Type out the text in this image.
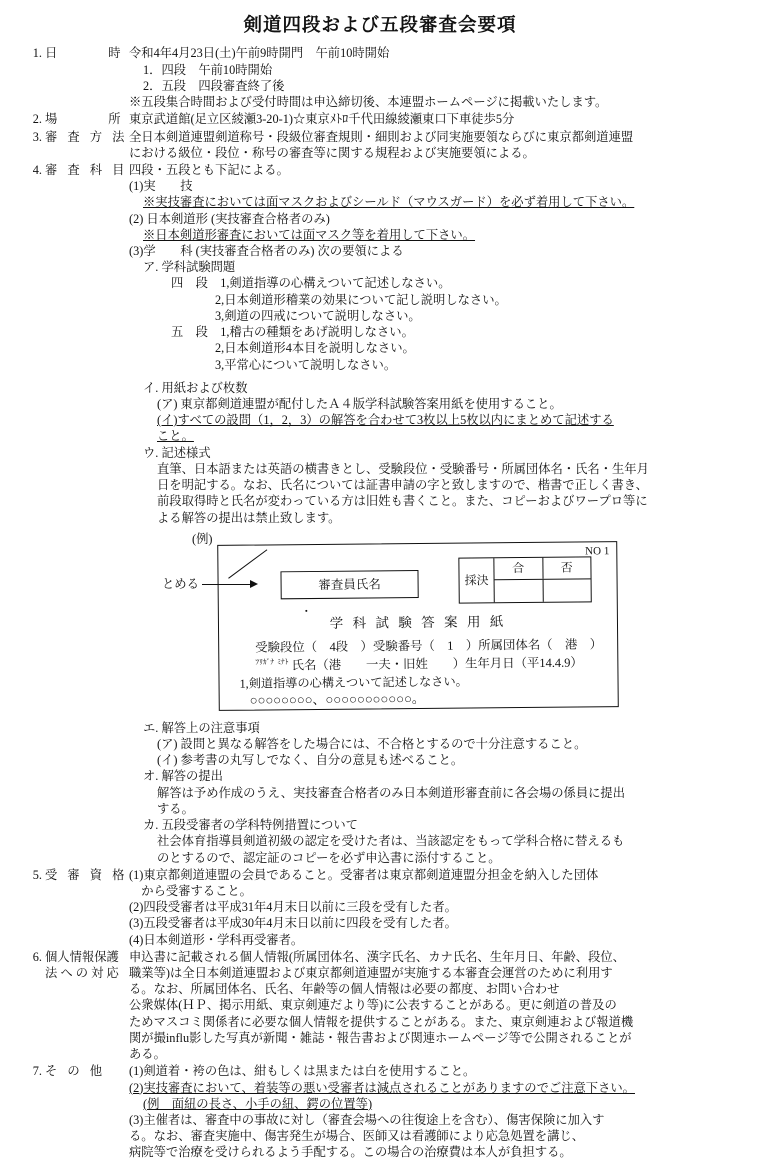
剣道四段および五段審査会要項
1. 日　　　時 令和4年4月23日(土)午前9時開門　午前10時開始
1．四段　午前10時開始
2．五段　四段審査終了後
※五段集合時間および受付時間は申込締切後、本連盟ホームページに掲載いたします。
2. 場　　　所 東京武道館(足立区綾瀬3-20-1)☆東京ﾒﾄﾛ千代田線綾瀬東口下車徒歩5分
3. 審 査 方 法 全日本剣道連盟剣道称号・段級位審査規則・細則および同実施要領ならびに東京都剣道連盟
における級位・段位・称号の審査等に関する規程および実施要領による。
4. 審 査 科 目 四段・五段とも下記による。
(1)実　　技
※実技審査においては面マスクおよびシールド（マウスガード）を必ず着用して下さい。
(2) 日本剣道形 (実技審査合格者のみ)
※日本剣道形審査においては面マスク等を着用して下さい。
(3)学　　科 (実技審査合格者のみ) 次の要領による
ア. 学科試験問題
四　段　1,剣道指導の心構えついて記述しなさい。
2,日本剣道形稽業の効果について記し説明しなさい。
3,剣道の四戒について説明しなさい。
五　段　1,稽古の種類をあげ説明しなさい。
2,日本剣道形4本目を説明しなさい。
3,平常心について説明しなさい。
イ. 用紙および枚数
(ア) 東京都剣道連盟が配付したＡ４版学科試験答案用紙を使用すること。
(イ)すべての設問（1，2，3）の解答を合わせて3枚以上5枚以内にまとめて記述する
こと。
ウ. 記述様式
直筆、日本語または英語の横書きとし、受験段位・受験番号・所属団体名・氏名・生年月
日を明記する。なお、氏名については証書申請の字と致しますので、楷書で正しく書き、
前段取得時と氏名が変わっている方は旧姓も書くこと。また、コピーおよびワープロ等に
よる解答の提出は禁止致します。
(例)
とめる
NO 1
審査員氏名
・
採決
合	否
学 科 試 験 答 案 用 紙
受験段位（　4段　）受験番号（　1　）所属団体名（　港　）
$^{ﾌﾘｶﾞﾅ}$ $^{ﾐﾅﾄ}$ 氏名（港　　一夫・旧姓　　）生年月日（平14.4.9）
1,剣道指導の心構えついて記述しなさい。
○○○○○○○○、○○○○○○○○○○○。
エ. 解答上の注意事項
(ア) 設問と異なる解答をした場合には、不合格とするので十分注意すること。
(イ) 参考書の丸写しでなく、自分の意見も述べること。
オ. 解答の提出
解答は予め作成のうえ、実技審査合格者のみ日本剣道形審査前に各会場の係員に提出
する。
カ. 五段受審者の学科特例措置について
社会体育指導員剣道初級の認定を受けた者は、当該認定をもって学科合格に替えるも
のとするので、認定証のコピーを必ず申込書に添付すること。
5. 受 審 資 格 (1)東京都剣道連盟の会員であること。受審者は東京都剣道連盟分担金を納入した団体
　から受審すること。
(2)四段受審者は平成31年4月末日以前に三段を受有した者。
(3)五段受審者は平成30年4月末日以前に四段を受有した者。
(4)日本剣道形・学科再受審者。
6. 個人情報保護
法 へ の 対 応
申込書に記載される個人情報(所属団体名、漢字氏名、カナ氏名、生年月日、年齢、段位、
職業等)は全日本剣道連盟および東京都剣道連盟が実施する本審査会運営のために利用す
る。なお、所属団体名、氏名、年齢等の個人情報は必要の都度、お問い合わせ
公衆媒体(ＨＰ、掲示用紙、東京剣連だより等)に公表することがある。更に剣道の普及の
ためマスコミ関係者に必要な個人情報を提供することがある。また、東京剣連および報道機
関が撮influ影した写真が新聞・雑誌・報告書および関連ホームページ等で公開されることが
ある。
7. そ の 他	(1)剣道着・袴の色は、紺もしくは黒または白を使用すること。
(2)実技審査において、着装等の悪い受審者は減点されることがありますのでご注意下さい。
(例　面紐の長さ、小手の紐、鍔の位置等)
(3)主催者は、審査中の事故に対し（審査会場への往復途上を含む）、傷害保険に加入す
る。なお、審査実施中、傷害発生が場合、医師又は看護師により応急処置を講じ、
病院等で治療を受けられるよう手配する。この場合の治療費は本人が負担する。
